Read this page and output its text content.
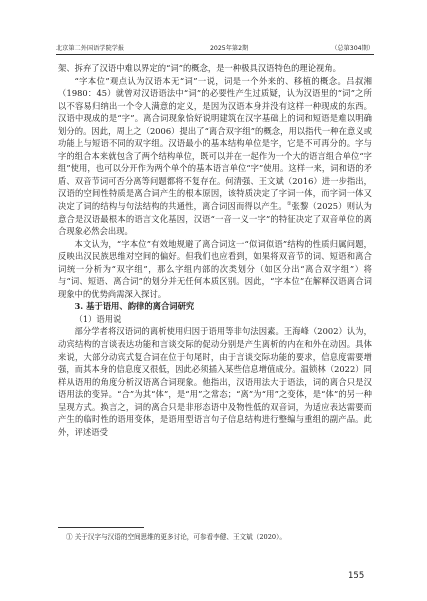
北京第二外国语学院学报	2025年第2期	（总第304期）

架、拆弃了汉语中难以界定的“词”的概念，是一种极具汉语特色的理论视角。

“字本位”观点认为汉语本无“词”一说，词是一个外来的、移植的概念。吕叔湘（1980：45）就曾对汉语语法中“词”的必要性产生过质疑，认为汉语里的“词”之所以不容易归纳出一个令人满意的定义，是因为汉语本身并没有这样一种现成的东西。汉语中现成的是“字”。离合词现象恰好说明建筑在汉字基础上的词和短语是难以明确划分的。因此，周上之（2006）提出了“离合双字组”的概念，用以指代一种在意义或功能上与短语不同的双字组。汉语最小的基本结构单位是字，它是不可再分的。字与字的组合本来就包含了两个结构单位，既可以并在一起作为一个大的语言组合单位“字组”使用，也可以分开作为两个单个的基本语言单位“字”使用。这样一来，词和语的矛盾、双音节词可否分离等问题都将不复存在。何清强、王文斌（2016）进一步指出，汉语的空间性特质是离合词产生的根本原因，该特质决定了字词一体，而字词一体又决定了词的结构与句法结构的共通性，离合词因而得以产生。①张黎（2025）则认为意合是汉语最根本的语言文化基因，汉语“一音一义一字”的特征决定了双音单位的离合现象必然会出现。

本文认为，“字本位”有效地规避了离合词这一“似词似语”结构的性质归属问题，反映出汉民族思维对空间的偏好。但我们也应看到，如果将双音节的词、短语和离合词统一分析为“双字组”，那么字组内部的次类划分（如区分出“离合双字组”）将与“词、短语、离合词”的划分并无任何本质区别。因此，“字本位”在解释汉语离合词现象中的优势尚需深入探讨。

3. 基于语用、韵律的离合词研究

（1）语用说

部分学者将汉语词的离析使用归因于语用等非句法因素。王海峰（2002）认为，动宾结构的言谈表达功能和言谈交际的促动分别是产生离析的内在和外在动因。具体来说，大部分动宾式复合词在位于句尾时，由于言谈交际功能的要求，信息度需要增强，而其本身的信息度又很低，因此必须插入某些信息增值成分。温锁林（2022）同样从语用的角度分析汉语离合词现象。他指出，汉语用法大于语法，词的离合只是汉语用法的变异。“合”为其“体”，是“用”之常态；“离”为“用”之变体，是“体”的另一种呈现方式。换言之，词的离合只是非形态语中及物性低的双音词，为适应表达需要而产生的临时性的语用变体，是语用型语言句子信息结构进行整编与重组的副产品。此外，评述语受

① 关于汉字与汉语的空间思维的更多讨论，可参看李健、王文斌（2020）。
155
